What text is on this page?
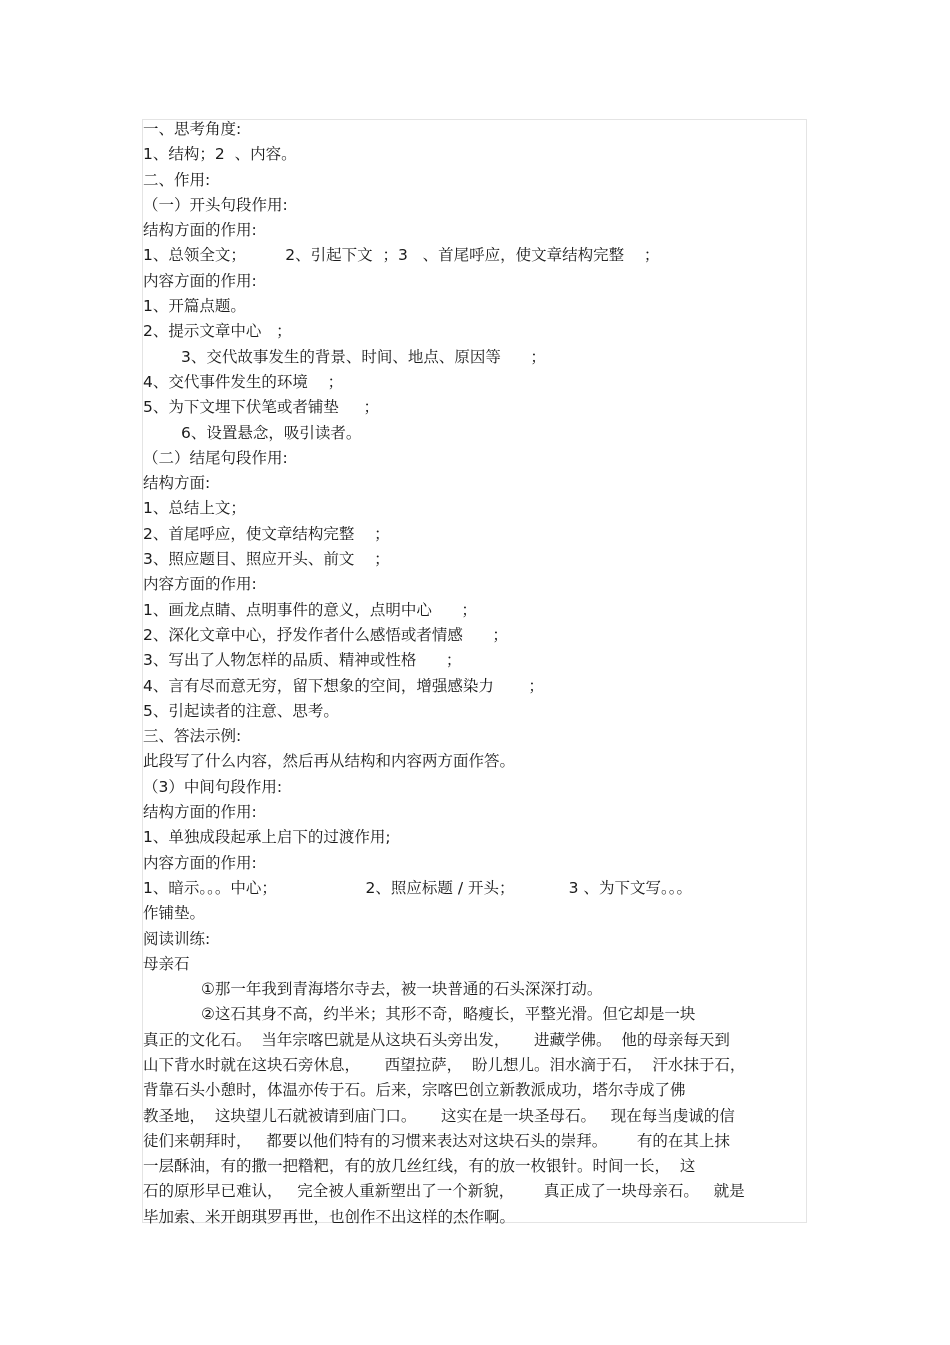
一、思考角度:
1、结构；2  、内容。
二、作用:
（一）开头句段作用:
结构方面的作用:
1、总领全文；        2、引起下文  ；3   、首尾呼应，使文章结构完整    ；
内容方面的作用:
1、开篇点题。
2、提示文章中心   ；
3、交代故事发生的背景、时间、地点、原因等      ；
4、交代事件发生的环境    ；
5、为下文埋下伏笔或者铺垫     ；
6、设置悬念，吸引读者。
（二）结尾句段作用:
结构方面:
1、总结上文；
2、首尾呼应，使文章结构完整    ；
3、照应题目、照应开头、前文    ；
内容方面的作用:
1、画龙点睛、点明事件的意义，点明中心      ；
2、深化文章中心，抒发作者什么感悟或者情感      ；
3、写出了人物怎样的品质、精神或性格      ；
4、言有尽而意无穷，留下想象的空间，增强感染力       ；
5、引起读者的注意、思考。
三、答法示例:
此段写了什么内容，然后再从结构和内容两方面作答。
（3）中间句段作用:
结构方面的作用:
1、单独成段起承上启下的过渡作用;
内容方面的作用:
1、暗示。。。中心；                  2、照应标题 / 开头；           3 、为下文写。。。
作铺垫。
阅读训练:
母亲石
①那一年我到青海塔尔寺去，被一块普通的石头深深打动。
②这石其身不高，约半米；其形不奇，略瘦长，平整光滑。但它却是一块
真正的文化石。  当年宗喀巴就是从这块石头旁出发，     进藏学佛。  他的母亲每天到
山下背水时就在这块石旁休息，     西望拉萨，  盼儿想儿。泪水滴于石，  汗水抹于石，
背靠石头小憩时，体温亦传于石。后来，宗喀巴创立新教派成功，塔尔寺成了佛
教圣地，  这块望儿石就被请到庙门口。     这实在是一块圣母石。   现在每当虔诚的信
徒们来朝拜时，   都要以他们特有的习惯来表达对这块石头的崇拜。      有的在其上抹
一层酥油，有的撒一把糌粑，有的放几丝红线，有的放一枚银针。时间一长，  这
石的原形早已难认，   完全被人重新塑出了一个新貌，      真正成了一块母亲石。   就是
毕加索、米开朗琪罗再世，也创作不出这样的杰作啊。
